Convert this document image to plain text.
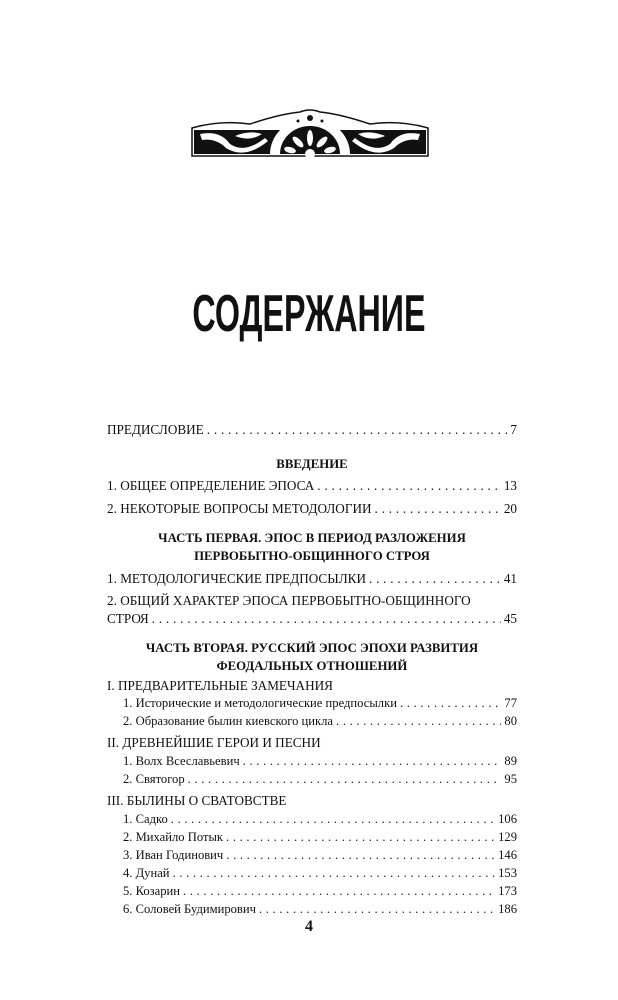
СОДЕРЖАНИЕ
ПРЕДИСЛОВИЕ . . .	7
ВВЕДЕНИЕ
1. ОБЩЕЕ ОПРЕДЕЛЕНИЕ ЭПОСА . . .	13
2. НЕКОТОРЫЕ ВОПРОСЫ МЕТОДОЛОГИИ . . .	20
ЧАСТЬ ПЕРВАЯ. ЭПОС В ПЕРИОД РАЗЛОЖЕНИЯ
ПЕРВОБЫТНО-ОБЩИННОГО СТРОЯ
1. МЕТОДОЛОГИЧЕСКИЕ ПРЕДПОСЫЛКИ . . .	41
2. ОБЩИЙ ХАРАКТЕР ЭПОСА ПЕРВОБЫТНО-ОБЩИННОГО
СТРОЯ . . .	45
ЧАСТЬ ВТОРАЯ. РУССКИЙ ЭПОС ЭПОХИ РАЗВИТИЯ
ФЕОДАЛЬНЫХ ОТНОШЕНИЙ
I. ПРЕДВАРИТЕЛЬНЫЕ ЗАМЕЧАНИЯ
1. Исторические и методологические предпосылки . . .	77
2. Образование былин киевского цикла . . .	80
II. ДРЕВНЕЙШИЕ ГЕРОИ И ПЕСНИ
1. Волх Всеславьевич . . .	89
2. Святогор . . .	95
III. БЫЛИНЫ О СВАТОВСТВЕ
1. Садко . . .	106
2. Михайло Потык . . .	129
3. Иван Годинович . . .	146
4. Дунай . . .	153
5. Козарин . . .	173
6. Соловей Будимирович . . .	186
4
